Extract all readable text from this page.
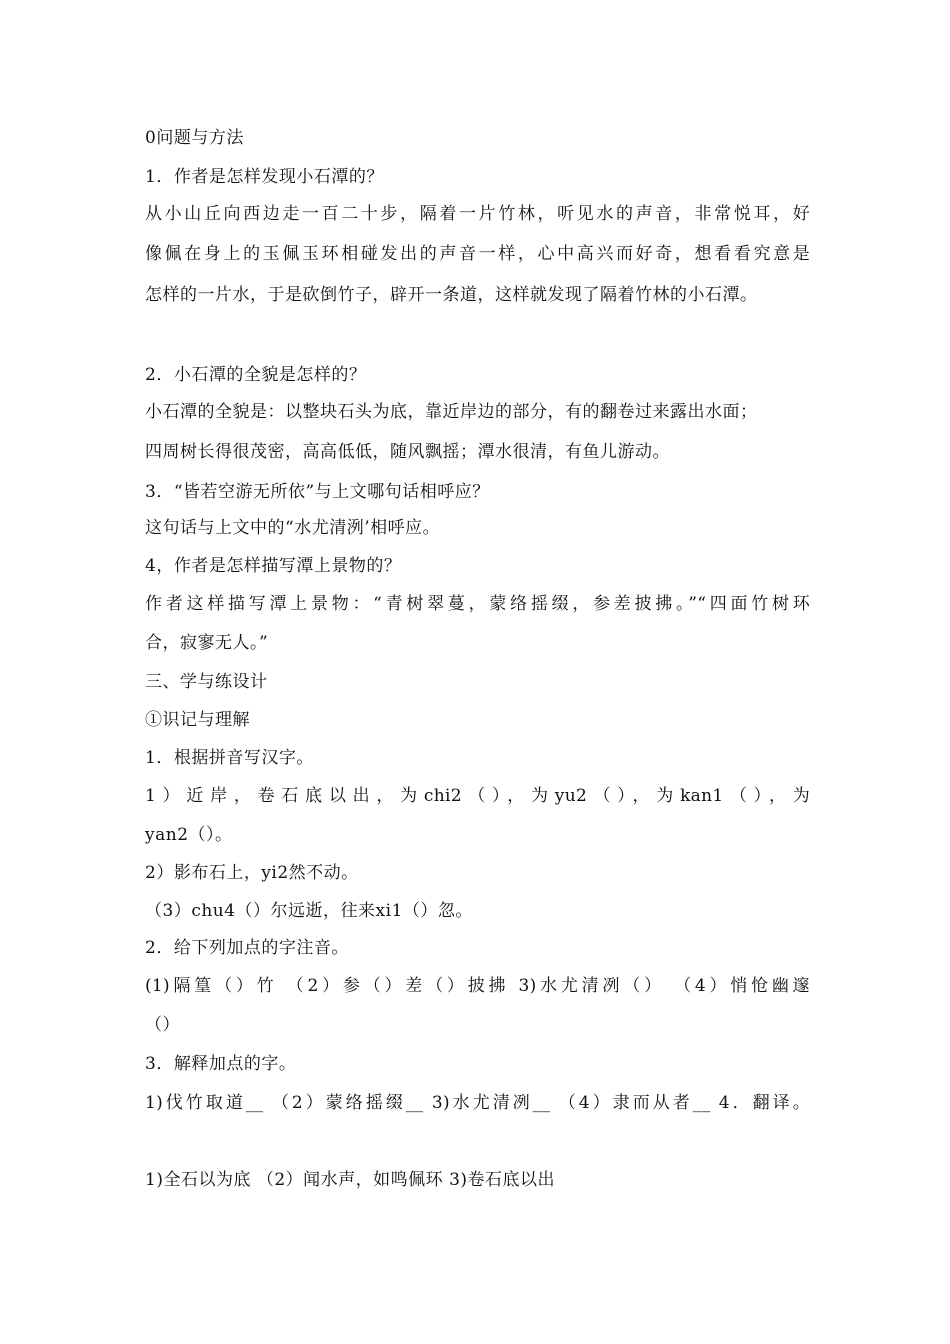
0问题与方法
1．作者是怎样发现小石潭的？
从小山丘向西边走一百二十步，隔着一片竹林，听见水的声音，非常悦耳，好
像佩在身上的玉佩玉环相碰发出的声音一样，心中高兴而好奇，想看看究意是
怎样的一片水，于是砍倒竹子，辟开一条道，这样就发现了隔着竹林的小石潭。
2．小石潭的全貌是怎样的？
小石潭的全貌是：以整块石头为底，靠近岸边的部分，有的翻卷过来露出水面；
四周树长得很茂密，高高低低，随风飘摇；潭水很清，有鱼儿游动。
3．“皆若空游无所依”与上文哪句话相呼应？
这句话与上文中的“水尤清洌’相呼应。
4，作者是怎样描写潭上景物的？
作者这样描写潭上景物：“青树翠蔓，蒙络摇缀，参差披拂。”“四面竹树环
合，寂寥无人。”
三、学与练设计
①识记与理解
1．根据拼音写汉字。
1）近岸，卷石底以出，为chi2（），为yu2（），为kan1（），为
yan2（）。
2）影布石上，yi2然不动。
（3）chu4（）尔远逝，往来xi1（）忽。
2．给下列加点的字注音。
(1)隔篁（）竹 （2）参（）差（）披拂 3)水尤清冽（） （4）悄怆幽邃
（）
3．解释加点的字。
1)伐竹取道__ （2）蒙络摇缀__ 3)水尤清冽__ （4）隶而从者__ 4．翻译。
1)全石以为底 （2）闻水声，如鸣佩环 3)卷石底以出
